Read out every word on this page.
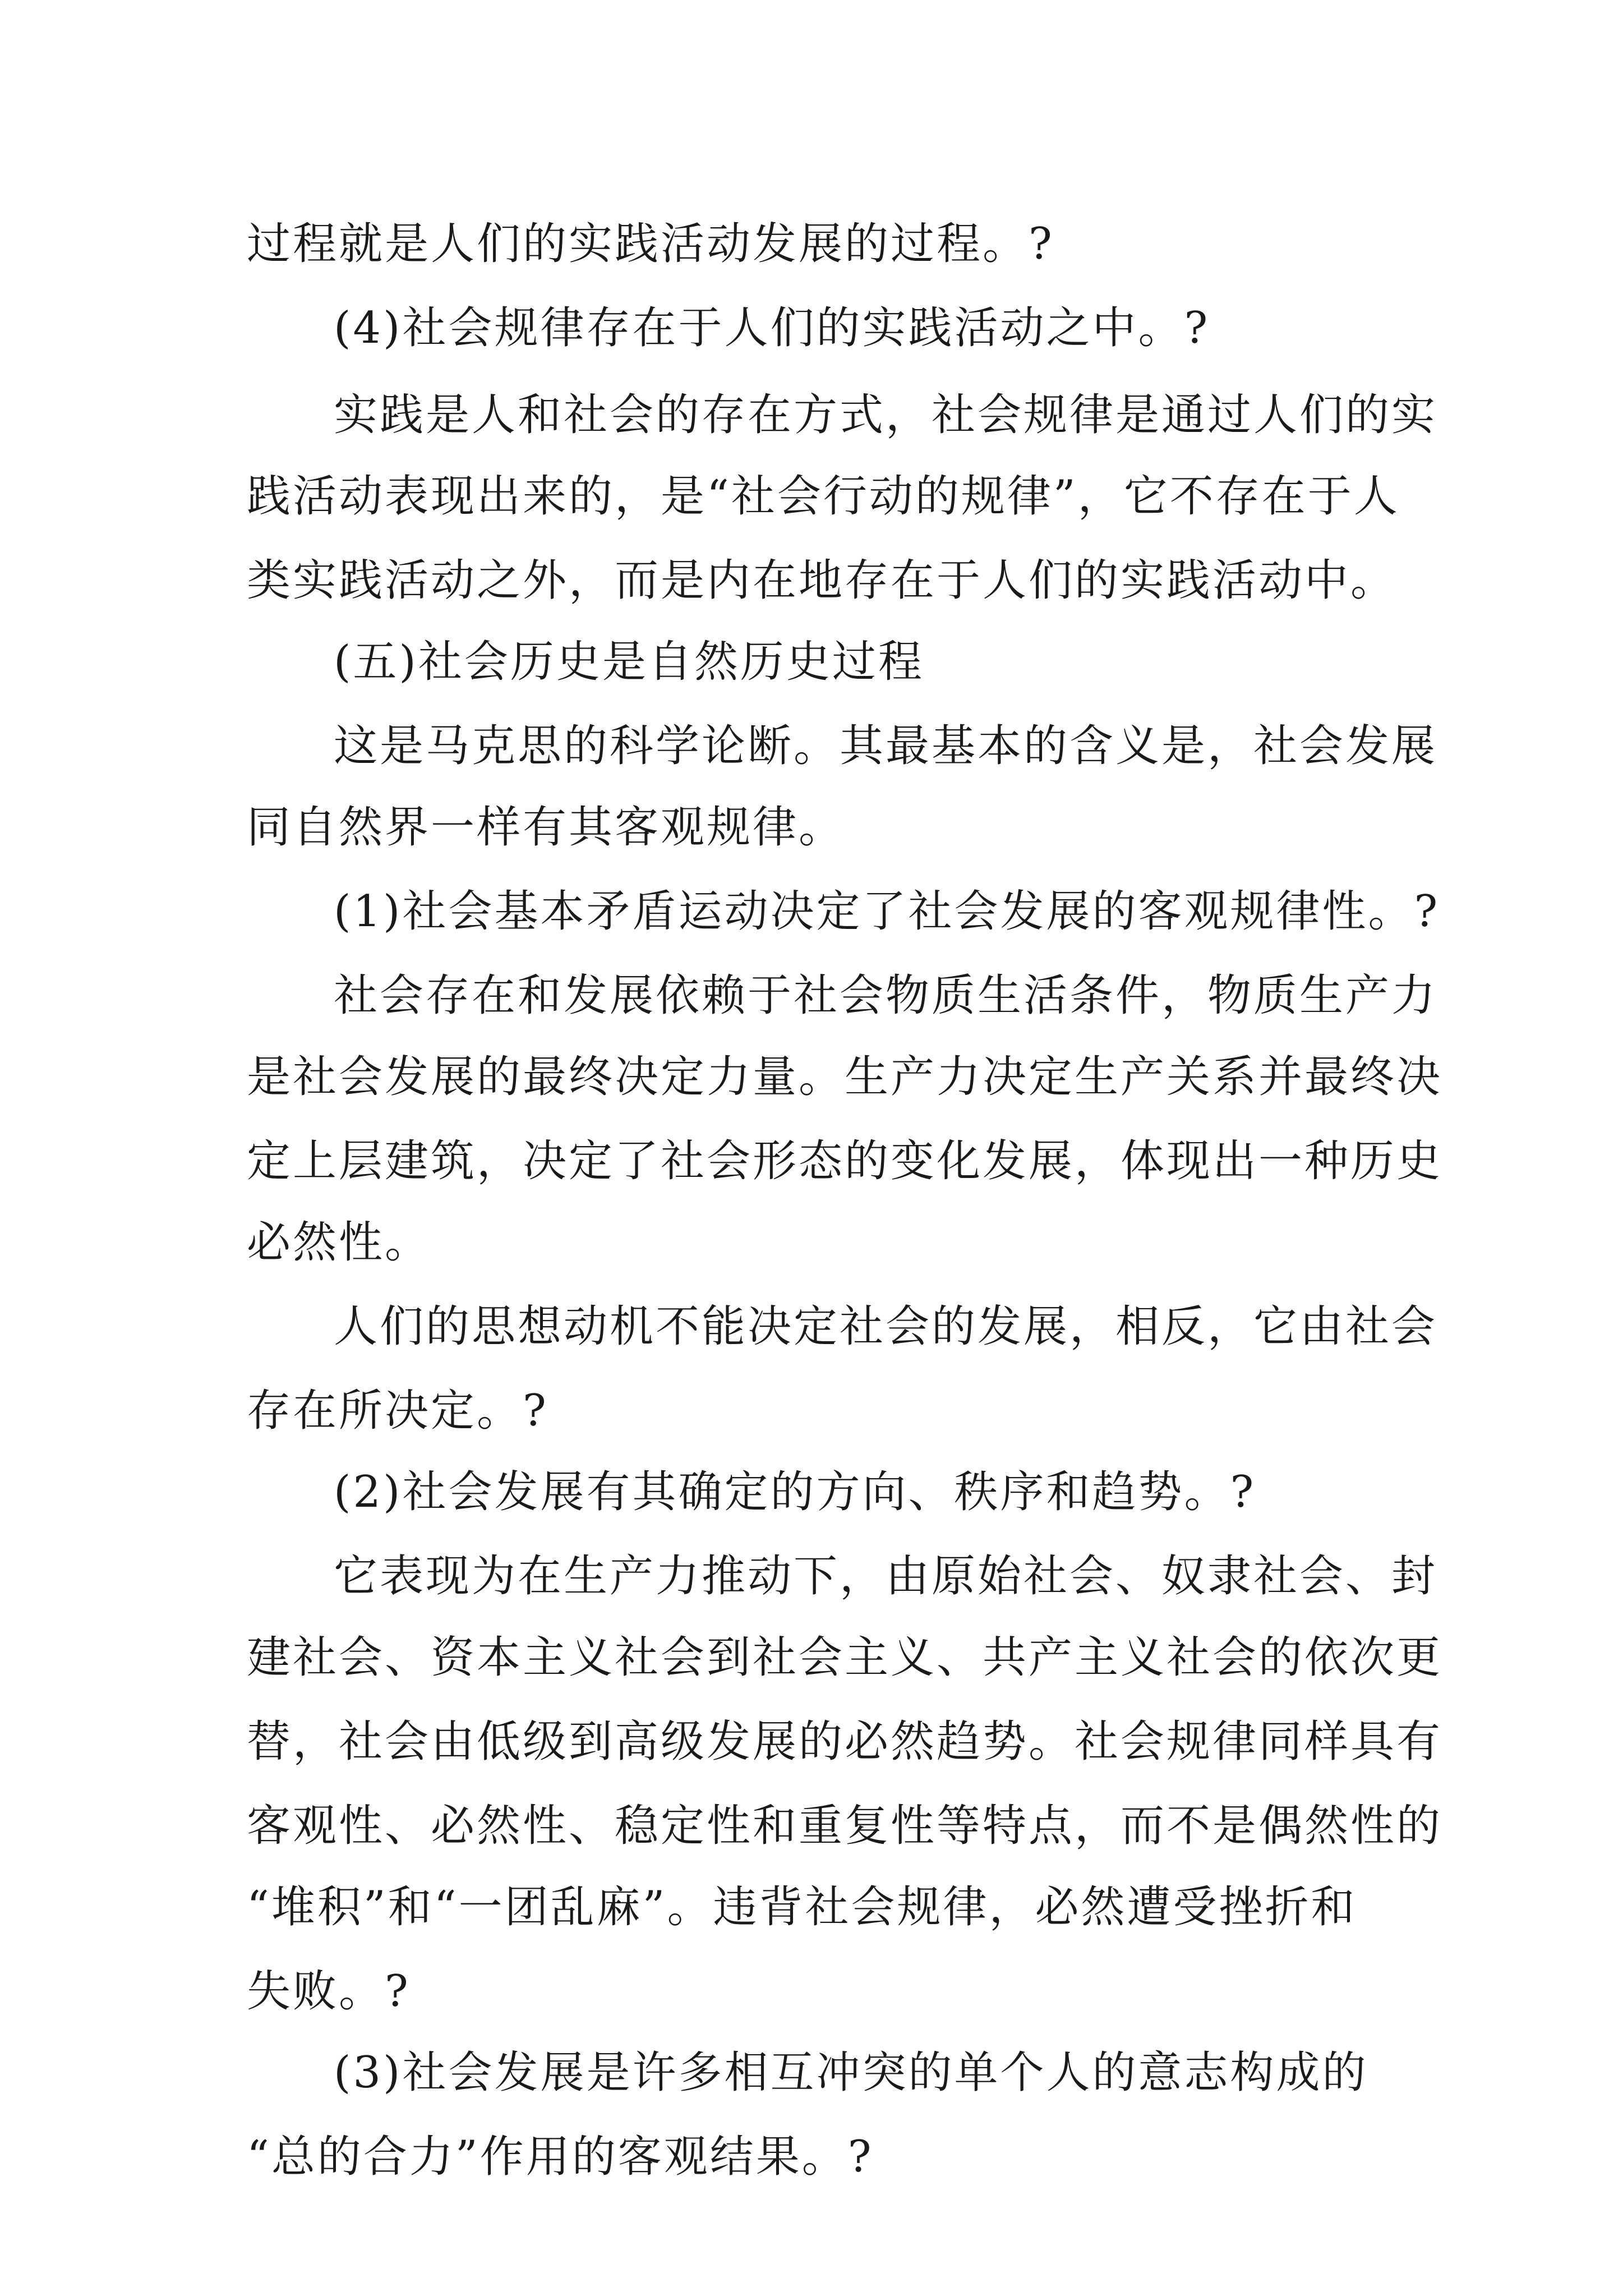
过程就是人们的实践活动发展的过程。?

(4)社会规律存在于人们的实践活动之中。?

实践是人和社会的存在方式，社会规律是通过人们的实

践活动表现出来的，是“社会行动的规律”，它不存在于人

类实践活动之外，而是内在地存在于人们的实践活动中。

(五)社会历史是自然历史过程

这是马克思的科学论断。其最基本的含义是，社会发展

同自然界一样有其客观规律。

(1)社会基本矛盾运动决定了社会发展的客观规律性。?

社会存在和发展依赖于社会物质生活条件，物质生产力

是社会发展的最终决定力量。生产力决定生产关系并最终决

定上层建筑，决定了社会形态的变化发展，体现出一种历史

必然性。

人们的思想动机不能决定社会的发展，相反，它由社会

存在所决定。?

(2)社会发展有其确定的方向、秩序和趋势。?

它表现为在生产力推动下，由原始社会、奴隶社会、封

建社会、资本主义社会到社会主义、共产主义社会的依次更

替，社会由低级到高级发展的必然趋势。社会规律同样具有

客观性、必然性、稳定性和重复性等特点，而不是偶然性的

“堆积”和“一团乱麻”。违背社会规律，必然遭受挫折和

失败。?

(3)社会发展是许多相互冲突的单个人的意志构成的

“总的合力”作用的客观结果。?
